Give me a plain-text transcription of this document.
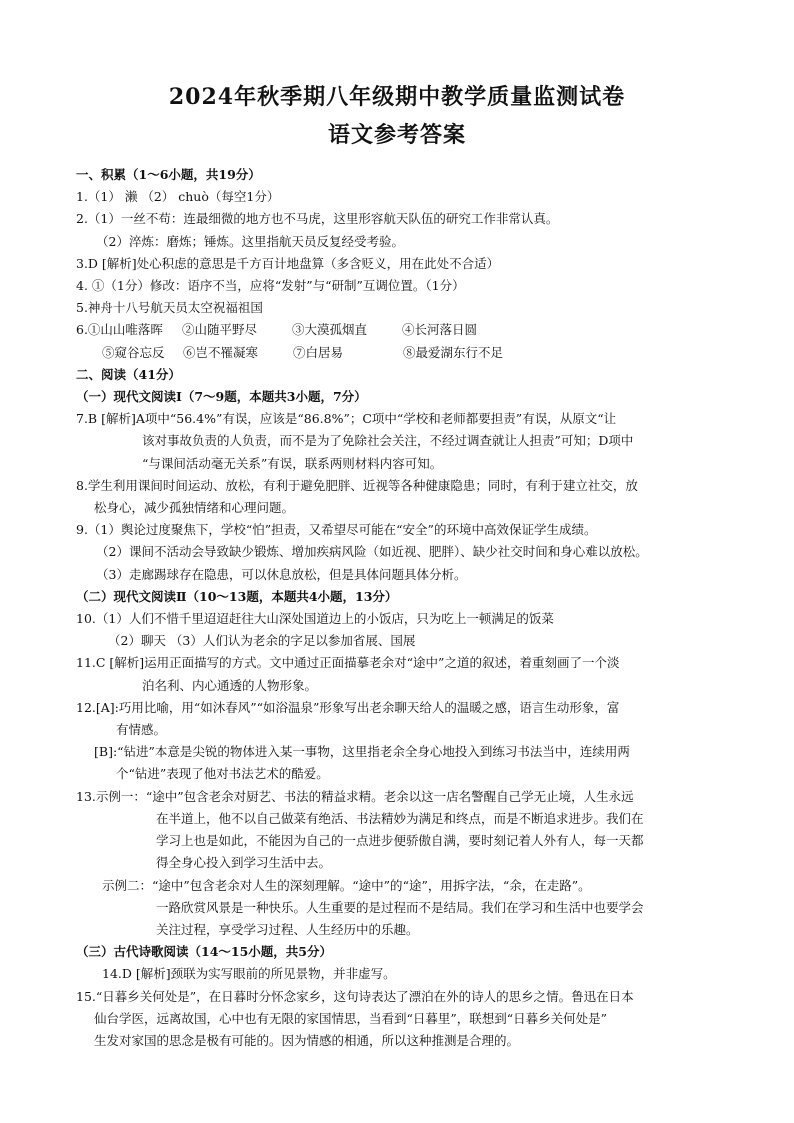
2024年秋季期八年级期中教学质量监测试卷
语文参考答案
一、积累（1～6小题，共19分）
1.（1） 濑 （2） chuò（每空1分）
2.（1）一丝不苟：连最细微的地方也不马虎，这里形容航天队伍的研究工作非常认真。
（2）淬炼：磨炼；锤炼。这里指航天员反复经受考验。
3.D [解析]处心积虑的意思是千方百计地盘算（多含贬义，用在此处不合适）
4. ①（1分）修改：语序不当，应将“发射”与“研制”互调位置。（1分）
5.神舟十八号航天员太空祝福祖国
6.①山山唯落晖	②山随平野尽	③大漠孤烟直	④长河落日圆
⑤窥谷忘反	⑥岂不罹凝寒	⑦白居易	⑧最爱湖东行不足
二、阅读（41分）
（一）现代文阅读Ⅰ（7～9题，本题共3小题，7分）
7.B [解析]A项中“56.4%”有误，应该是“86.8%”；C项中“学校和老师都要担责”有误，从原文“让
该对事故负责的人负责，而不是为了免除社会关注，不经过调查就让人担责”可知；D项中
“与课间活动毫无关系”有误，联系两则材料内容可知。
8.学生利用课间时间运动、放松，有利于避免肥胖、近视等各种健康隐患；同时，有利于建立社交，放
松身心，减少孤独情绪和心理问题。
9.（1）舆论过度聚焦下，学校“怕”担责，又希望尽可能在“安全”的环境中高效保证学生成绩。
（2）课间不活动会导致缺少锻炼、增加疾病风险（如近视、肥胖）、缺少社交时间和身心难以放松。
（3）走廊踢球存在隐患，可以休息放松，但是具体问题具体分析。
（二）现代文阅读Ⅱ（10～13题，本题共4小题，13分）
10.（1）人们不惜千里迢迢赶往大山深处国道边上的小饭店，只为吃上一顿满足的饭菜
（2）聊天 （3）人们认为老余的字足以参加省展、国展
11.C [解析]运用正面描写的方式。文中通过正面描摹老余对“途中”之道的叙述，着重刻画了一个淡
泊名利、内心通透的人物形象。
12.[A]:巧用比喻，用“如沐春风”“如浴温泉”形象写出老余聊天给人的温暖之感，语言生动形象，富
有情感。
[B]:“钻进”本意是尖锐的物体进入某一事物，这里指老余全身心地投入到练习书法当中，连续用两
个“钻进”表现了他对书法艺术的酷爱。
13.示例一：“途中”包含老余对厨艺、书法的精益求精。老余以这一店名警醒自己学无止境，人生永远
在半道上，他不以自己做菜有绝活、书法精妙为满足和终点，而是不断追求进步。我们在
学习上也是如此，不能因为自己的一点进步便骄傲自满，要时刻记着人外有人，每一天都
得全身心投入到学习生活中去。
示例二：“途中”包含老余对人生的深刻理解。“途中”的“途”，用拆字法，“余，在走路”。
一路欣赏风景是一种快乐。人生重要的是过程而不是结局。我们在学习和生活中也要学会
关注过程，享受学习过程、人生经历中的乐趣。
（三）古代诗歌阅读（14～15小题，共5分）
14.D [解析]颈联为实写眼前的所见景物，并非虚写。
15.“日暮乡关何处是”，在日暮时分怀念家乡，这句诗表达了漂泊在外的诗人的思乡之情。鲁迅在日本
仙台学医，远离故国，心中也有无限的家国情思，当看到“日暮里”，联想到“日暮乡关何处是”
生发对家国的思念是极有可能的。因为情感的相通，所以这种推测是合理的。
